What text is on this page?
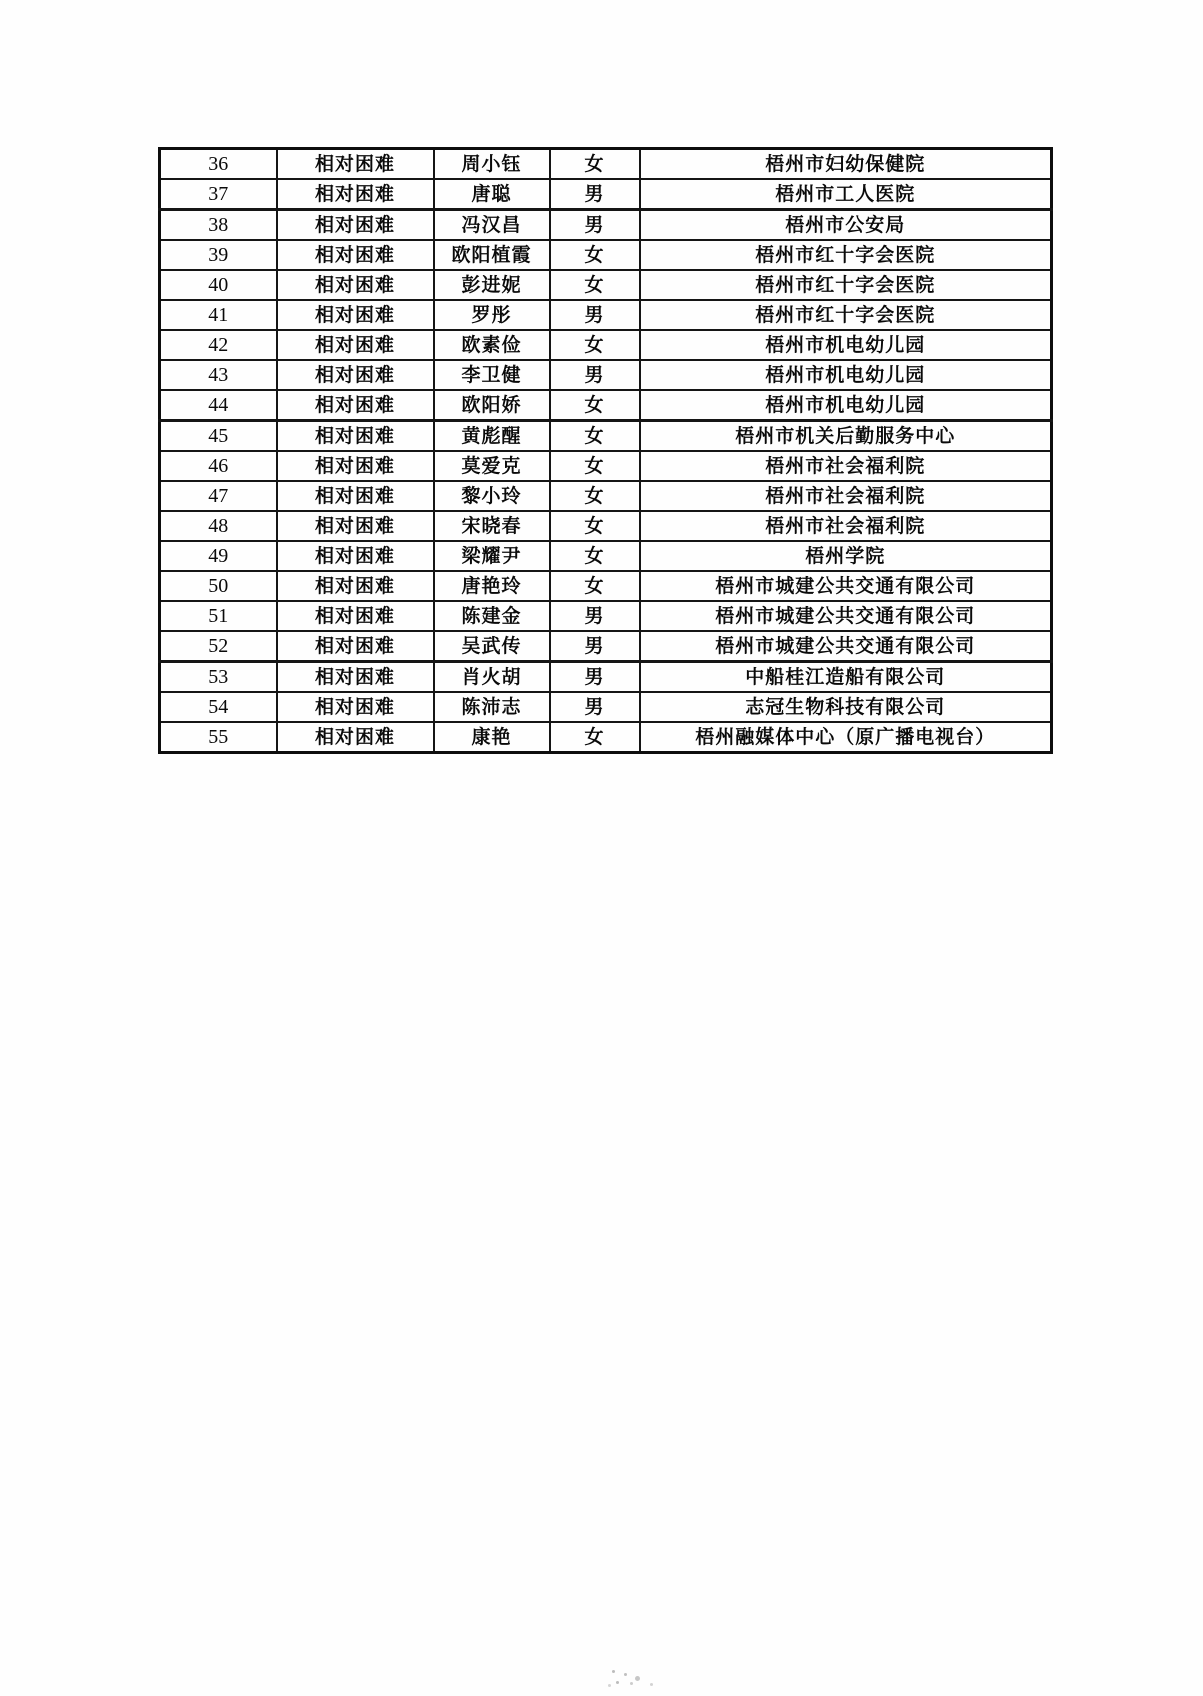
36	相对困难	周小钰	女	梧州市妇幼保健院
37	相对困难	唐聪	男	梧州市工人医院
38	相对困难	冯汉昌	男	梧州市公安局
39	相对困难	欧阳植霞	女	梧州市红十字会医院
40	相对困难	彭进妮	女	梧州市红十字会医院
41	相对困难	罗彤	男	梧州市红十字会医院
42	相对困难	欧素俭	女	梧州市机电幼儿园
43	相对困难	李卫健	男	梧州市机电幼儿园
44	相对困难	欧阳娇	女	梧州市机电幼儿园
45	相对困难	黄彪醒	女	梧州市机关后勤服务中心
46	相对困难	莫爱克	女	梧州市社会福利院
47	相对困难	黎小玲	女	梧州市社会福利院
48	相对困难	宋晓春	女	梧州市社会福利院
49	相对困难	梁耀尹	女	梧州学院
50	相对困难	唐艳玲	女	梧州市城建公共交通有限公司
51	相对困难	陈建金	男	梧州市城建公共交通有限公司
52	相对困难	吴武传	男	梧州市城建公共交通有限公司
53	相对困难	肖火胡	男	中船桂江造船有限公司
54	相对困难	陈沛志	男	志冠生物科技有限公司
55	相对困难	康艳	女	梧州融媒体中心（原广播电视台）
